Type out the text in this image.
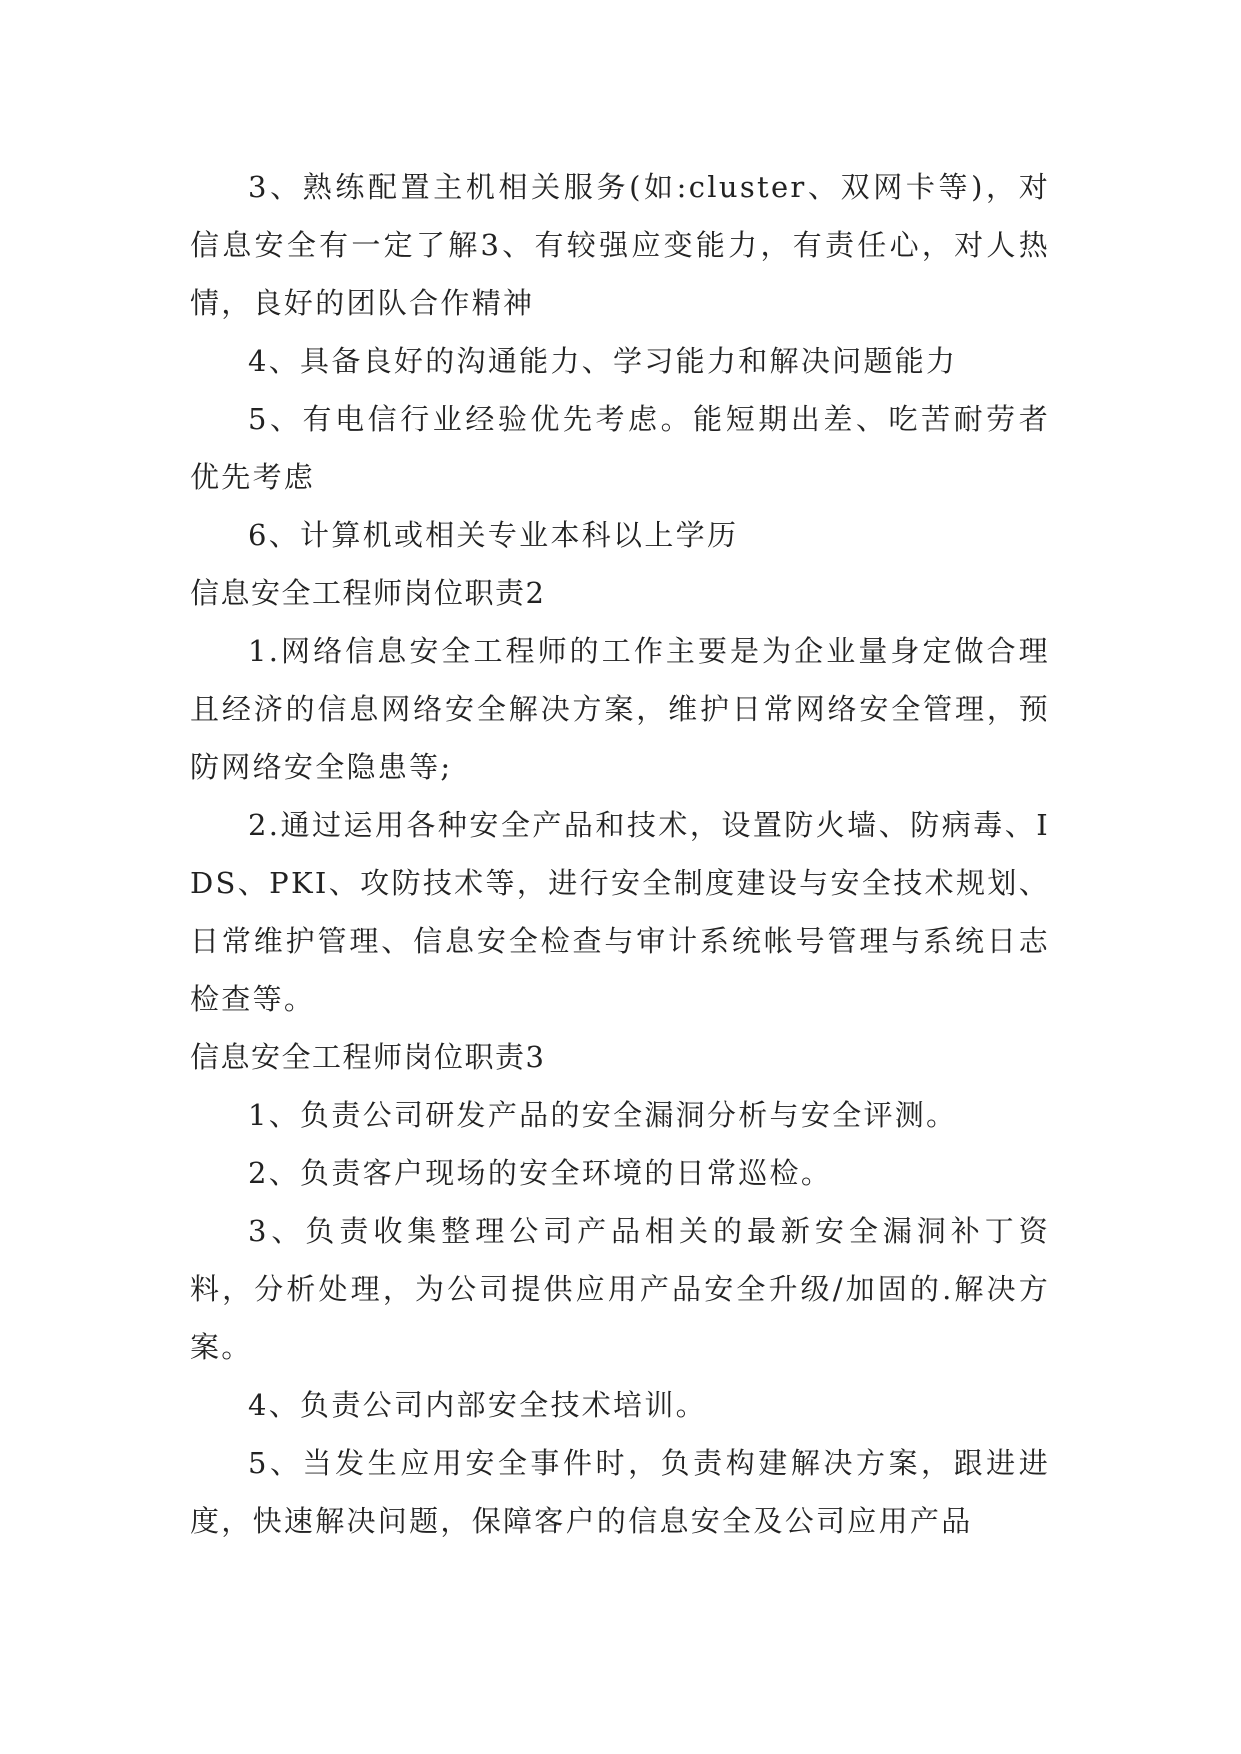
3、熟练配置主机相关服务(如:cluster、双网卡等)，对信息安全有一定了解3、有较强应变能力，有责任心，对人热情，良好的团队合作精神

4、具备良好的沟通能力、学习能力和解决问题能力

5、有电信行业经验优先考虑。能短期出差、吃苦耐劳者优先考虑

6、计算机或相关专业本科以上学历

信息安全工程师岗位职责2

1.网络信息安全工程师的工作主要是为企业量身定做合理且经济的信息网络安全解决方案，维护日常网络安全管理，预防网络安全隐患等;

2.通过运用各种安全产品和技术，设置防火墙、防病毒、IDS、PKI、攻防技术等，进行安全制度建设与安全技术规划、日常维护管理、信息安全检查与审计系统帐号管理与系统日志检查等。

信息安全工程师岗位职责3

1、负责公司研发产品的安全漏洞分析与安全评测。

2、负责客户现场的安全环境的日常巡检。

3、负责收集整理公司产品相关的最新安全漏洞补丁资料，分析处理，为公司提供应用产品安全升级/加固的.解决方案。

4、负责公司内部安全技术培训。

5、当发生应用安全事件时，负责构建解决方案，跟进进度，快速解决问题，保障客户的信息安全及公司应用产品
